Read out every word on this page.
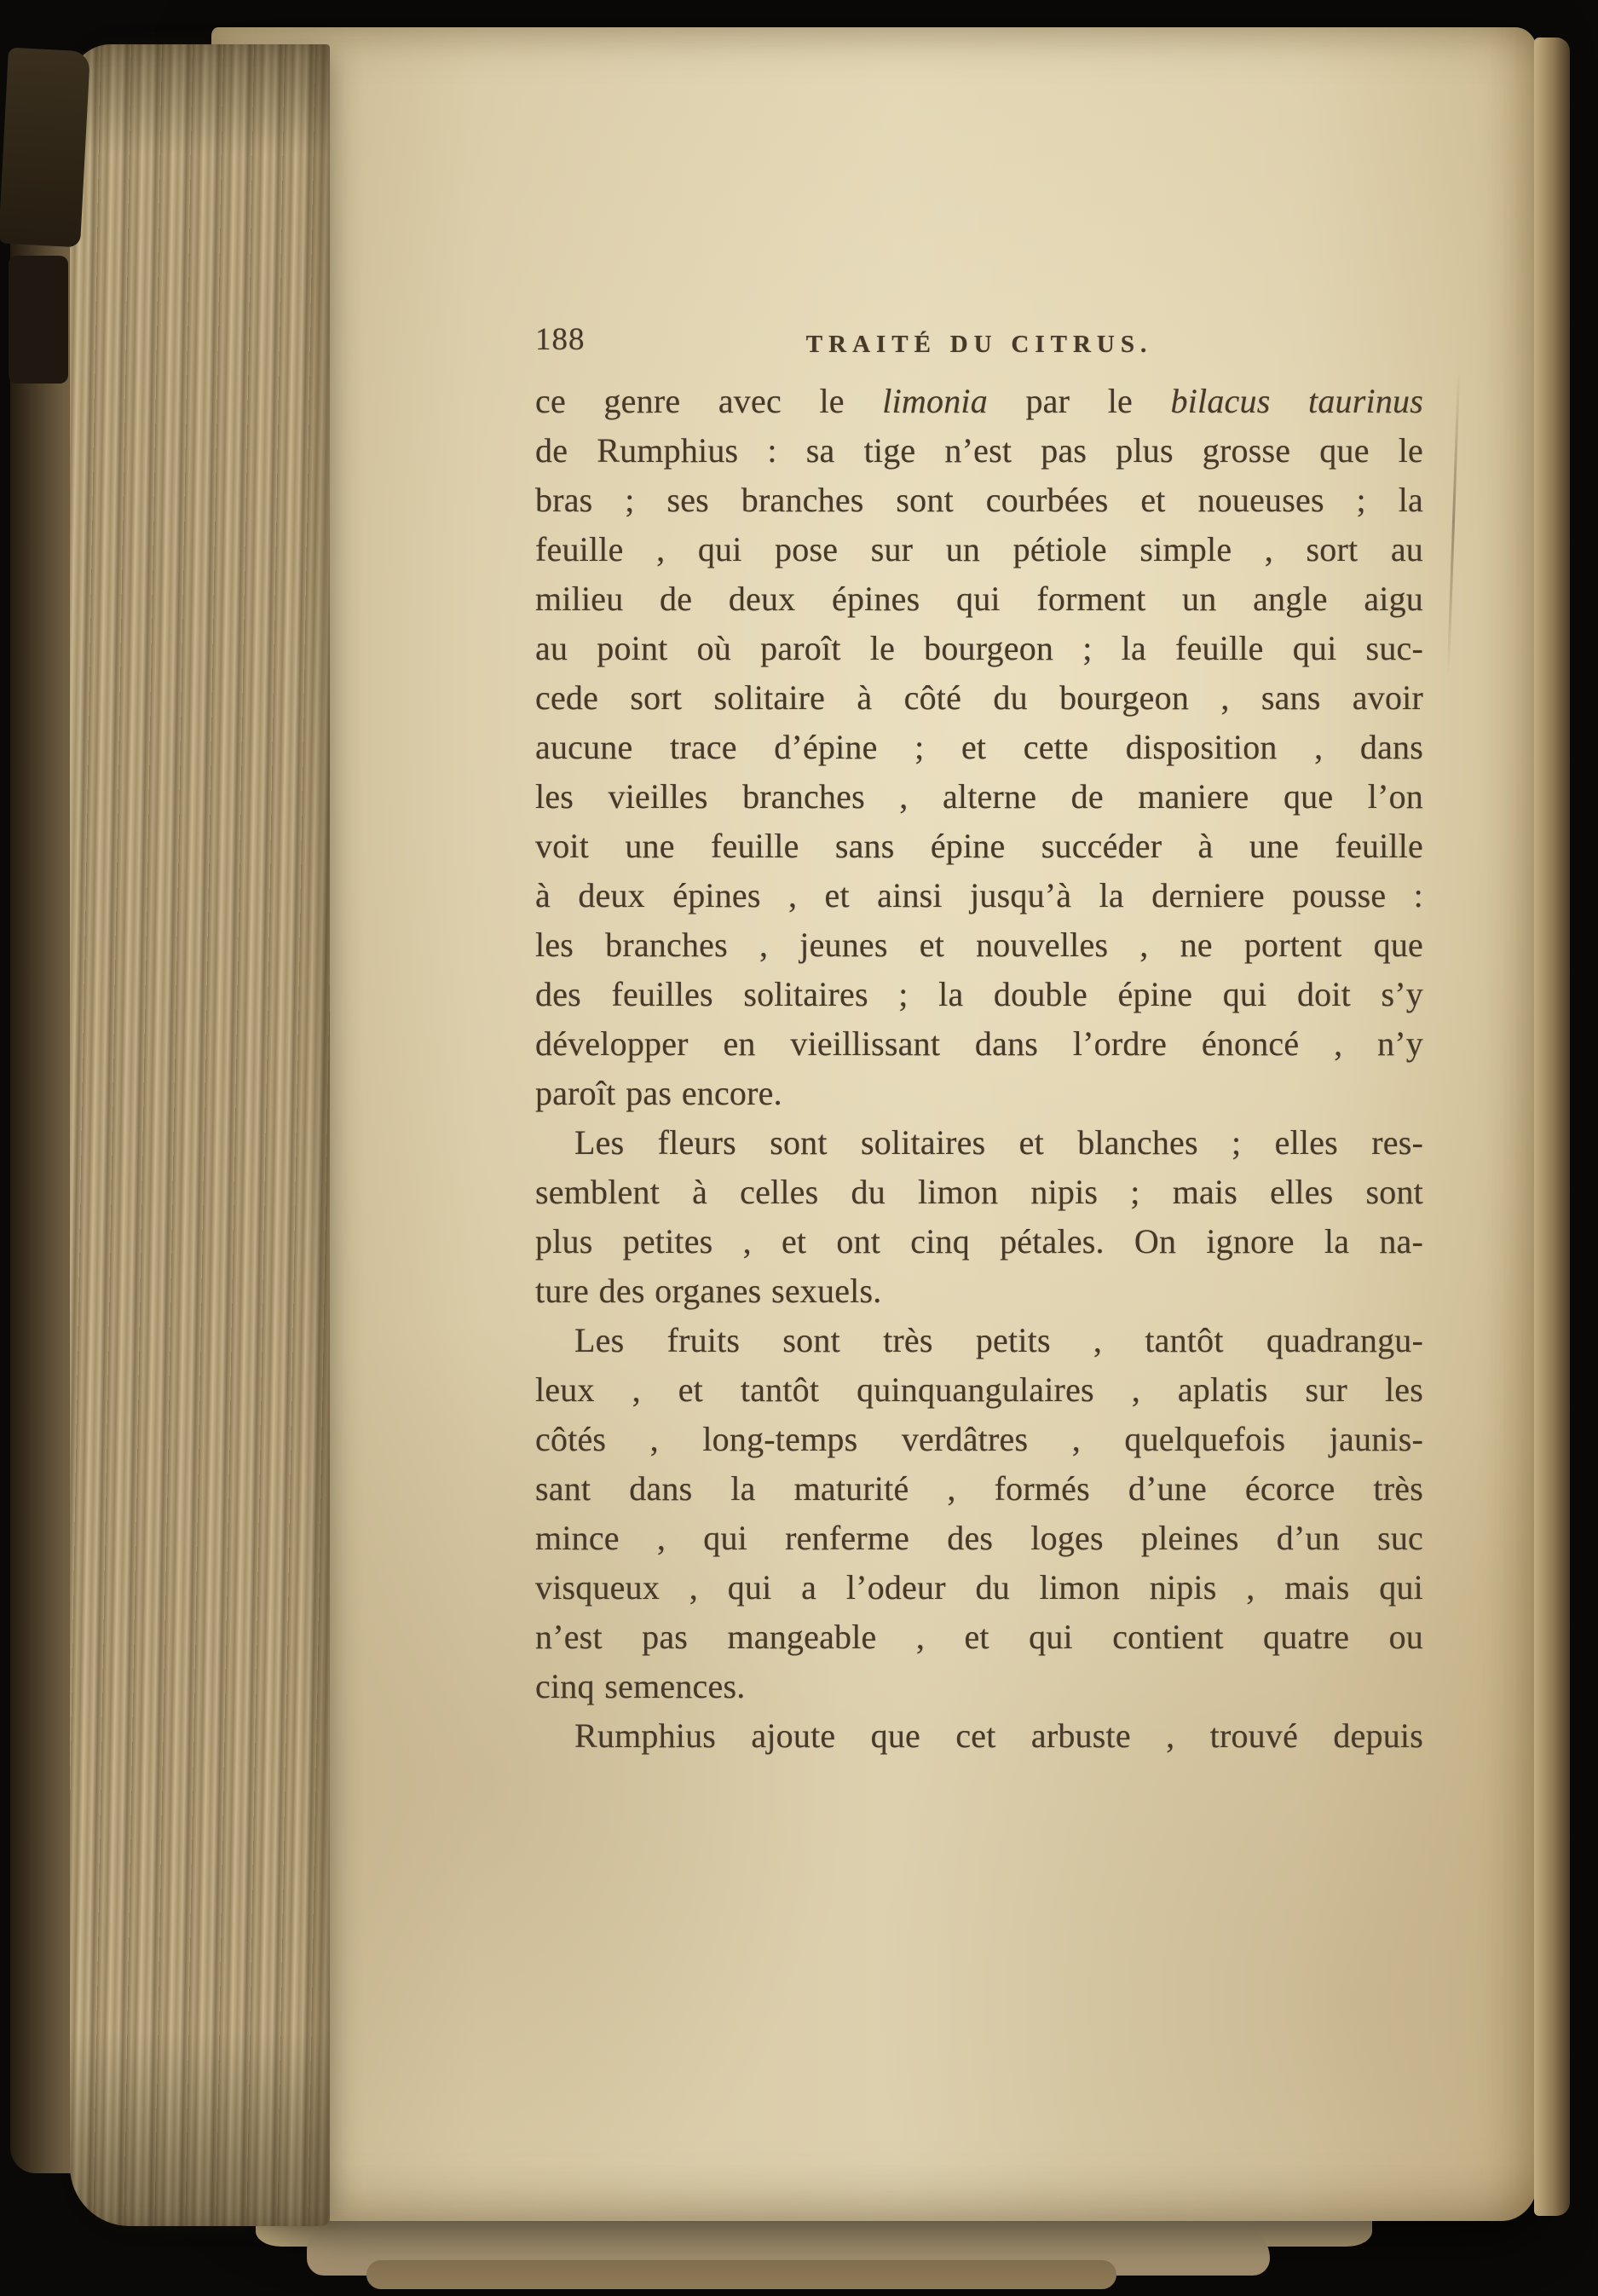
188	TRAITÉ DU CITRUS.
ce genre avec le limonia par le bilacus taurinus
de Rumphius : sa tige n’est pas plus grosse que le
bras ; ses branches sont courbées et noueuses ; la
feuille , qui pose sur un pétiole simple , sort au
milieu de deux épines qui forment un angle aigu
au point où paroît le bourgeon ; la feuille qui suc-
cede sort solitaire à côté du bourgeon , sans avoir
aucune trace d’épine ; et cette disposition , dans
les vieilles branches , alterne de maniere que l’on
voit une feuille sans épine succéder à une feuille
à deux épines , et ainsi jusqu’à la derniere pousse :
les branches , jeunes et nouvelles , ne portent que
des feuilles solitaires ; la double épine qui doit s’y
développer en vieillissant dans l’ordre énoncé , n’y
paroît pas encore.
Les fleurs sont solitaires et blanches ; elles res-
semblent à celles du limon nipis ; mais elles sont
plus petites , et ont cinq pétales. On ignore la na-
ture des organes sexuels.
Les fruits sont très petits , tantôt quadrangu-
leux , et tantôt quinquangulaires , aplatis sur les
côtés , long-temps verdâtres , quelquefois jaunis-
sant dans la maturité , formés d’une écorce très
mince , qui renferme des loges pleines d’un suc
visqueux , qui a l’odeur du limon nipis , mais qui
n’est pas mangeable , et qui contient quatre ou
cinq semences.
Rumphius ajoute que cet arbuste , trouvé depuis
